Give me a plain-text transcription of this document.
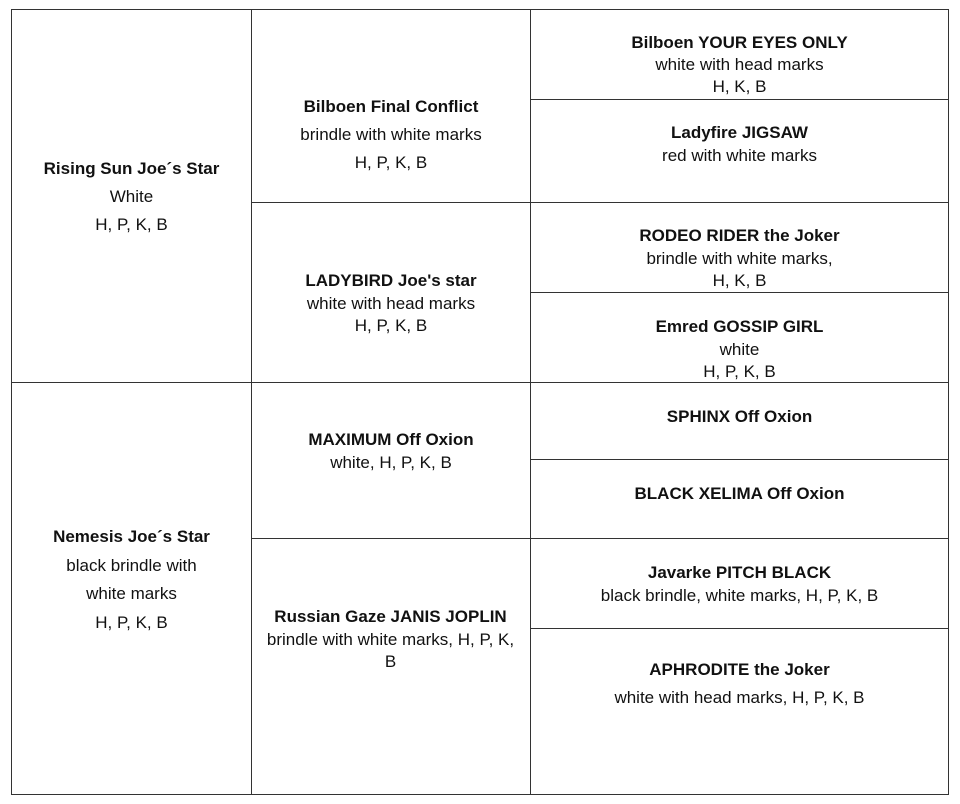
Rising Sun Joe´s Star
White
H, P, K, B
Nemesis Joe´s Star
black brindle with
white marks
H, P, K, B
Bilboen Final Conflict
brindle with white marks
H, P, K, B
LADYBIRD Joe's star
white with head marks
H, P, K, B
MAXIMUM Off Oxion
white, H, P, K, B
Russian Gaze JANIS JOPLIN
brindle with white marks, H, P, K, B
Bilboen YOUR EYES ONLY
white with head marks
H, K, B
Ladyfire JIGSAW
red with white marks
RODEO RIDER the Joker
brindle with white marks,
H, K, B
Emred GOSSIP GIRL
white
H, P, K, B
SPHINX Off Oxion
BLACK XELIMA Off Oxion
Javarke PITCH BLACK
black brindle, white marks, H, P, K, B
APHRODITE the Joker
white with head marks, H, P, K, B
